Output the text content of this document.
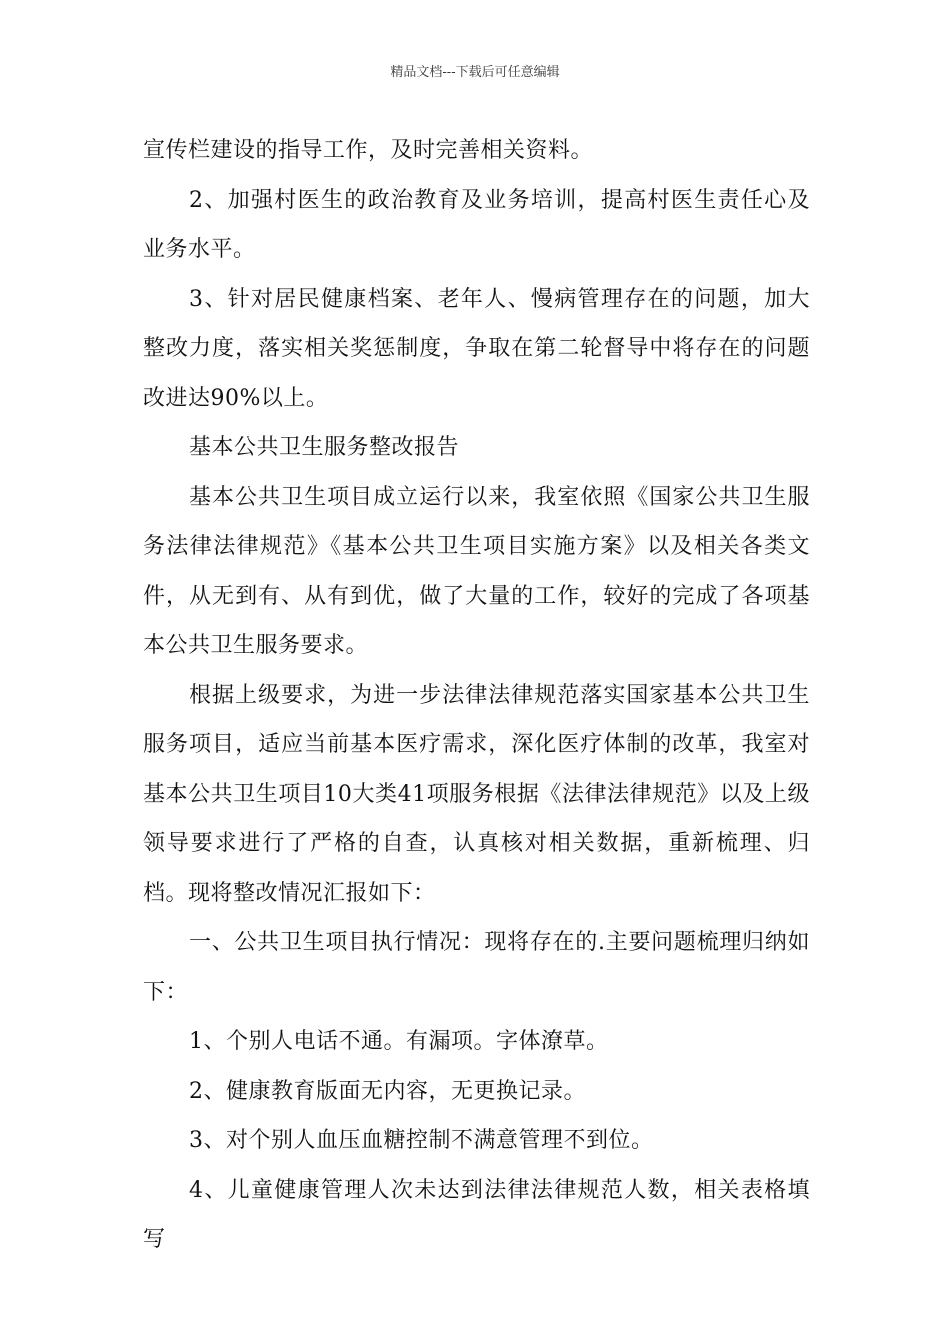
精品文档---下载后可任意编辑

宣传栏建设的指导工作，及时完善相关资料。

2、加强村医生的政治教育及业务培训，提高村医生责任心及业务水平。

3、针对居民健康档案、老年人、慢病管理存在的问题，加大整改力度，落实相关奖惩制度，争取在第二轮督导中将存在的问题改进达90%以上。

基本公共卫生服务整改报告

基本公共卫生项目成立运行以来，我室依照《国家公共卫生服务法律法律规范》《基本公共卫生项目实施方案》以及相关各类文件，从无到有、从有到优，做了大量的工作，较好的完成了各项基本公共卫生服务要求。

根据上级要求，为进一步法律法律规范落实国家基本公共卫生服务项目，适应当前基本医疗需求，深化医疗体制的改革，我室对基本公共卫生项目10大类41项服务根据《法律法律规范》以及上级领导要求进行了严格的自查，认真核对相关数据，重新梳理、归档。现将整改情况汇报如下：

一、公共卫生项目执行情况：现将存在的.主要问题梳理归纳如下：

1、个别人电话不通。有漏项。字体潦草。

2、健康教育版面无内容，无更换记录。

3、对个别人血压血糖控制不满意管理不到位。

4、儿童健康管理人次未达到法律法律规范人数，相关表格填写
